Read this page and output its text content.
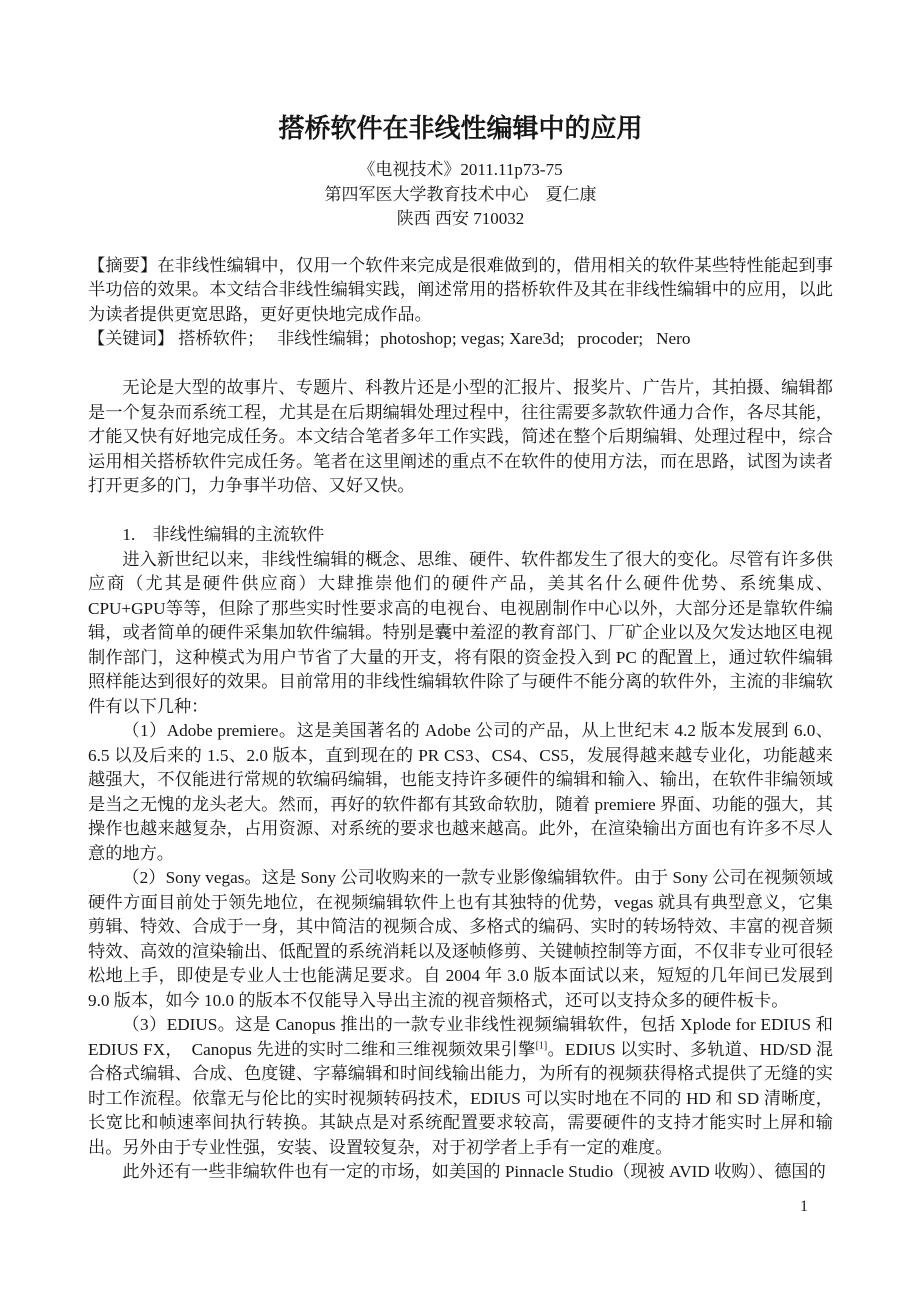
搭桥软件在非线性编辑中的应用

《电视技术》2011.11p73-75

第四军医大学教育技术中心　夏仁康

陕西 西安 710032

【摘要】在非线性编辑中，仅用一个软件来完成是很难做到的，借用相关的软件某些特性能起到事半功倍的效果。本文结合非线性编辑实践，阐述常用的搭桥软件及其在非线性编辑中的应用，以此为读者提供更宽思路，更好更快地完成作品。

【关键词】 搭桥软件；   非线性编辑；photoshop; vegas; Xare3d;   procoder;   Nero

无论是大型的故事片、专题片、科教片还是小型的汇报片、报奖片、广告片，其拍摄、编辑都是一个复杂而系统工程，尤其是在后期编辑处理过程中，往往需要多款软件通力合作，各尽其能，才能又快有好地完成任务。本文结合笔者多年工作实践，简述在整个后期编辑、处理过程中，综合运用相关搭桥软件完成任务。笔者在这里阐述的重点不在软件的使用方法，而在思路，试图为读者打开更多的门，力争事半功倍、又好又快。

1.　非线性编辑的主流软件

进入新世纪以来，非线性编辑的概念、思维、硬件、软件都发生了很大的变化。尽管有许多供应商（尤其是硬件供应商）大肆推崇他们的硬件产品，美其名什么硬件优势、系统集成、CPU+GPU等等，但除了那些实时性要求高的电视台、电视剧制作中心以外，大部分还是靠软件编辑，或者简单的硬件采集加软件编辑。特别是囊中羞涩的教育部门、厂矿企业以及欠发达地区电视制作部门，这种模式为用户节省了大量的开支，将有限的资金投入到 PC 的配置上，通过软件编辑照样能达到很好的效果。目前常用的非线性编辑软件除了与硬件不能分离的软件外，主流的非编软件有以下几种：

（1）Adobe premiere。这是美国著名的 Adobe 公司的产品，从上世纪末 4.2 版本发展到 6.0、6.5 以及后来的 1.5、2.0 版本，直到现在的 PR CS3、CS4、CS5，发展得越来越专业化，功能越来越强大，不仅能进行常规的软编码编辑，也能支持许多硬件的编辑和输入、输出，在软件非编领域是当之无愧的龙头老大。然而，再好的软件都有其致命软肋，随着 premiere 界面、功能的强大，其操作也越来越复杂，占用资源、对系统的要求也越来越高。此外，在渲染输出方面也有许多不尽人意的地方。

（2）Sony vegas。这是 Sony 公司收购来的一款专业影像编辑软件。由于 Sony 公司在视频领域硬件方面目前处于领先地位，在视频编辑软件上也有其独特的优势，vegas 就具有典型意义，它集剪辑、特效、合成于一身，其中简洁的视频合成、多格式的编码、实时的转场特效、丰富的视音频特效、高效的渲染输出、低配置的系统消耗以及逐帧修剪、关键帧控制等方面，不仅非专业可很轻松地上手，即使是专业人士也能满足要求。自 2004 年 3.0 版本面试以来，短短的几年间已发展到 9.0 版本，如今 10.0 的版本不仅能导入导出主流的视音频格式，还可以支持众多的硬件板卡。

（3）EDIUS。这是 Canopus 推出的一款专业非线性视频编辑软件，包括 Xplode for EDIUS 和 EDIUS FX，　Canopus 先进的实时二维和三维视频效果引擎[1]。EDIUS 以实时、多轨道、HD/SD 混合格式编辑、合成、色度键、字幕编辑和时间线输出能力，为所有的视频获得格式提供了无缝的实时工作流程。依靠无与伦比的实时视频转码技术，EDIUS 可以实时地在不同的 HD 和 SD 清晰度，长宽比和帧速率间执行转换。其缺点是对系统配置要求较高，需要硬件的支持才能实时上屏和输出。另外由于专业性强，安装、设置较复杂，对于初学者上手有一定的难度。

此外还有一些非编软件也有一定的市场，如美国的 Pinnacle Studio（现被 AVID 收购）、德国的

1
